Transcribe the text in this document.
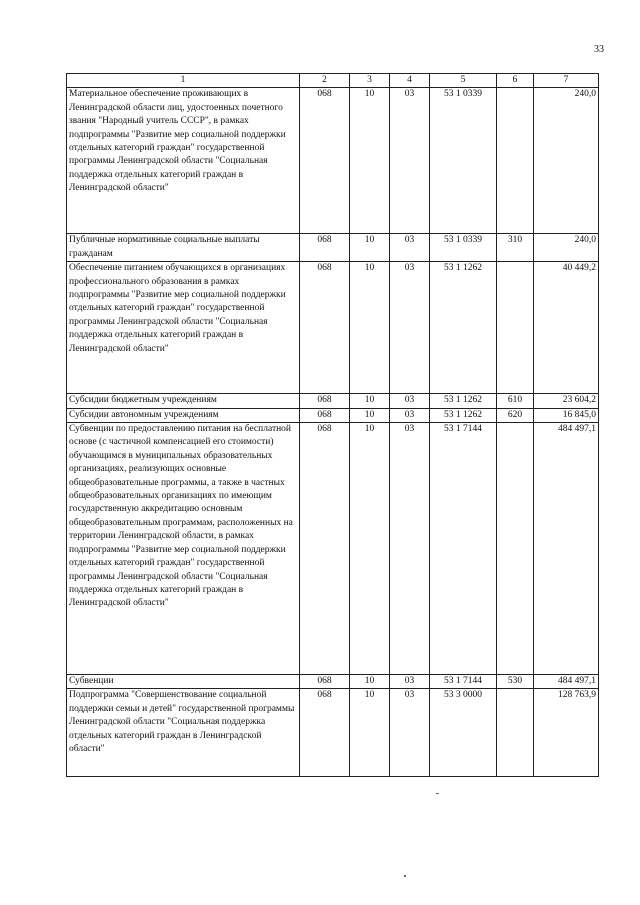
33
1	2	3	4	5	6	7
Материальное обеспечение проживающих в Ленинградской области лиц, удостоенных почетного звания "Народный учитель СССР", в рамках подпрограммы "Развитие мер социальной поддержки отдельных категорий граждан" государственной программы Ленинградской области "Социальная поддержка отдельных категорий граждан в Ленинградской области"	068	10	03	53 1 0339		240,0
Публичные нормативные социальные выплаты гражданам	068	10	03	53 1 0339	310	240,0
Обеспечение питанием обучающихся в организациях профессионального образования в рамках подпрограммы "Развитие мер социальной поддержки отдельных категорий граждан" государственной программы Ленинградской области "Социальная поддержка отдельных категорий граждан в Ленинградской области"	068	10	03	53 1 1262		40 449,2
Субсидии бюджетным учреждениям	068	10	03	53 1 1262	610	23 604,2
Субсидии автономным учреждениям	068	10	03	53 1 1262	620	16 845,0
Субвенции по предоставлению питания на бесплатной основе (с частичной компенсацией его стоимости) обучающимся в муниципальных образовательных организациях, реализующих основные общеобразовательные программы, а также в частных общеобразовательных организациях по имеющим государственную аккредитацию основным общеобразовательным программам, расположенных на территории Ленинградской области, в рамках подпрограммы "Развитие мер социальной поддержки отдельных категорий граждан" государственной программы Ленинградской области "Социальная поддержка отдельных категорий граждан в Ленинградской области"	068	10	03	53 1 7144		484 497,1
Субвенции	068	10	03	53 1 7144	530	484 497,1
Подпрограмма "Совершенствование социальной поддержки семьи и детей" государственной программы Ленинградской области "Социальная поддержка отдельных категорий граждан в Ленинградской области"	068	10	03	53 3 0000		128 763,9
